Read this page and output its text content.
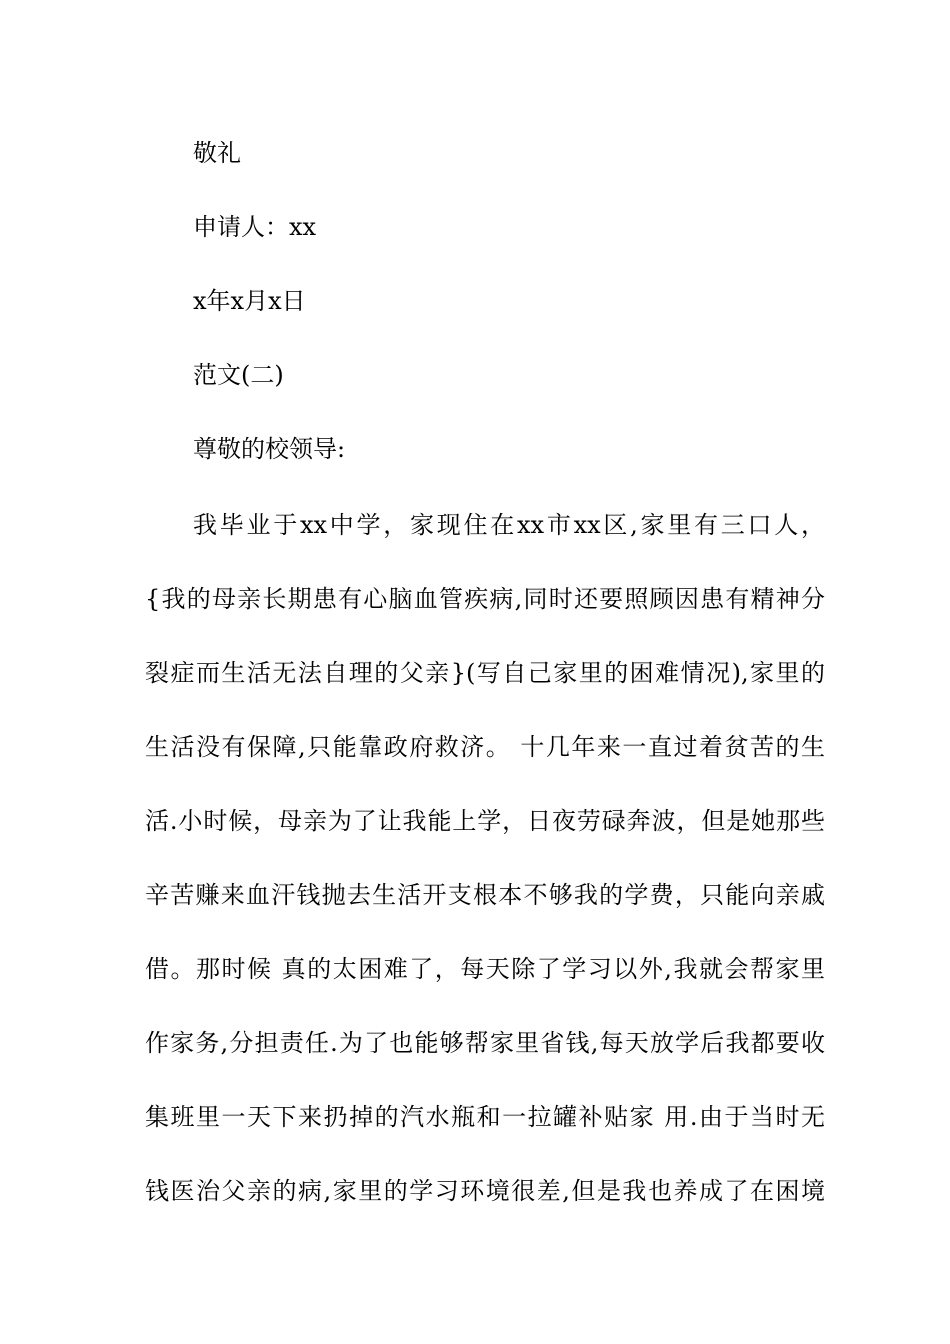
敬礼
申请人：xx
x年x月x日
范文(二)
尊敬的校领导:
我毕业于xx中学，家现住在xx市xx区,家里有三口人，
{我的母亲长期患有心脑血管疾病,同时还要照顾因患有精神分
裂症而生活无法自理的父亲}(写自己家里的困难情况),家里的
生活没有保障,只能靠政府救济。 十几年来一直过着贫苦的生
活.小时候，母亲为了让我能上学，日夜劳碌奔波，但是她那些
辛苦赚来血汗钱抛去生活开支根本不够我的学费，只能向亲戚
借。那时候 真的太困难了，每天除了学习以外,我就会帮家里
作家务,分担责任.为了也能够帮家里省钱,每天放学后我都要收
集班里一天下来扔掉的汽水瓶和一拉罐补贴家 用.由于当时无
钱医治父亲的病,家里的学习环境很差,但是我也养成了在困境
